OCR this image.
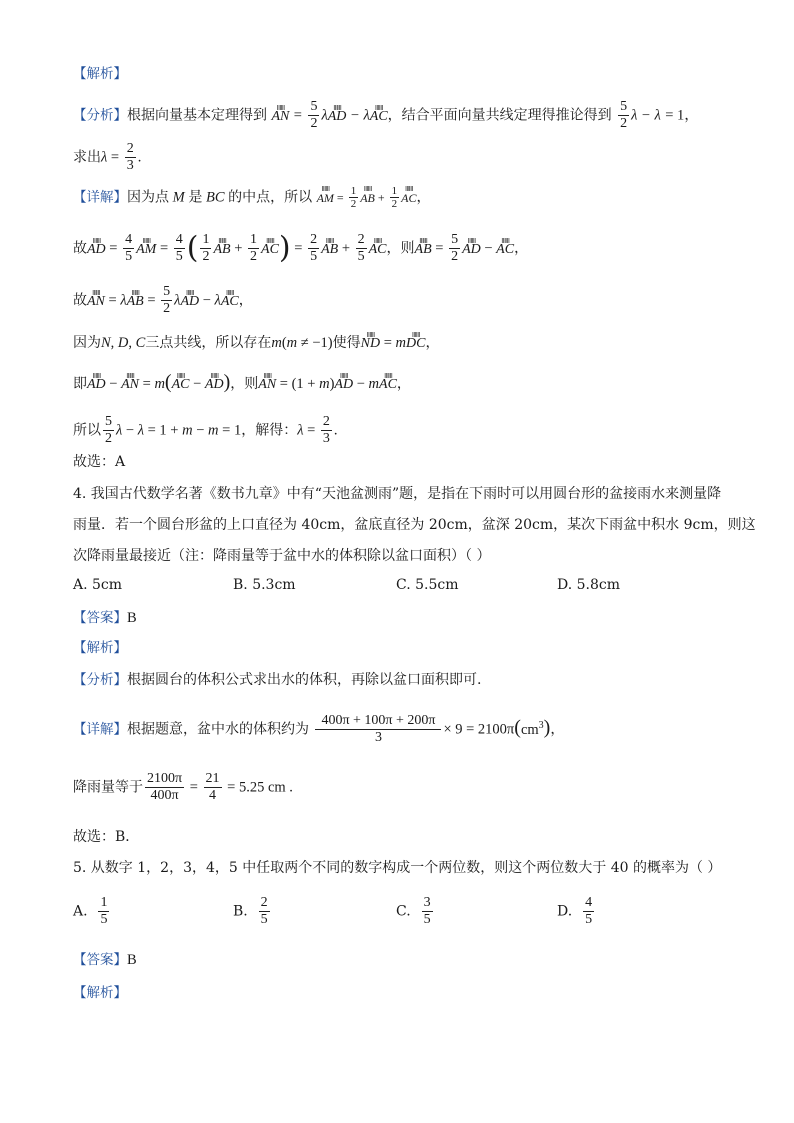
【解析】
【分析】根据向量基本定理得到 ⅢⅢ AN = $\frac{5}{2}$ λⅢⅢ AD − λⅢⅢ AC，结合平面向量共线定理得推论得到 $\frac{5}{2}$ λ − λ = 1，
求出$\lambda = \frac{2}{3}$ .
【详解】因为点 M 是 BC 的中点，所以 ⅢⅢ AM = $\frac{1}{2}$ ⅢⅢ AB + $\frac{1}{2}$ ⅢⅢ AC，
故ⅢⅢ AD = $\frac{4}{5}$ ⅢⅢ AM = $\frac{4}{5}$ ( $\frac{1}{2}$ ⅢⅢ AB + $\frac{1}{2}$ ⅢⅢ $AC) = \frac{2}{5}$ ⅢⅢ AB + $\frac{2}{5}$ ⅢⅢ AC，则ⅢⅢ AB = $\frac{5}{2}$ ⅢⅢ AD − ⅢⅢ AC，
故ⅢⅢ AN = λⅢⅢ AB = $\frac{5}{2}$ λⅢⅢ AD − λⅢⅢ AC，
因为N, D, C三点共线，所以存在m(m ≠ −1)使得ⅢⅢ ND = mⅢⅢ DC，
即ⅢⅢ AD − ⅢⅢ AN = m(ⅢⅢ AC − ⅢⅢ AD)，则ⅢⅢ AN = (1 + m)ⅢⅢ AD − mⅢⅢ AC，
所以 $\frac{5}{2}$ λ − λ = 1 + m − m = 1，解得：$\lambda = \frac{2}{3}$ .
故选：A
4. 我国古代数学名著《数书九章》中有“天池盆测雨”题，是指在下雨时可以用圆台形的盆接雨水来测量降
雨量．若一个圆台形盆的上口直径为 40cm，盆底直径为 20cm，盆深 20cm，某次下雨盆中积水 9cm，则这
次降雨量最接近（注：降雨量等于盆中水的体积除以盆口面积）（ ）
A. 5cm	B. 5.3cm	C. 5.5cm	D. 5.8cm
【答案】B
【解析】
【分析】根据圆台的体积公式求出水的体积，再除以盆口面积即可.
【详解】根据题意，盆中水的体积约为 $\frac{400\pi + 100\pi + 200\pi}{3} \times 9 = 2100\pi(cm^3)$，
降雨量等于 $\frac{2100\pi}{400\pi} = \frac{21}{4} = 5.25$ cm .
故选：B．
5. 从数字 1，2，3，4，5 中任取两个不同的数字构成一个两位数，则这个两位数大于 40 的概率为（ ）
A. $\frac{1}{5}$	B. $\frac{2}{5}$	C. $\frac{3}{5}$	D. $\frac{4}{5}$
【答案】B
【解析】
